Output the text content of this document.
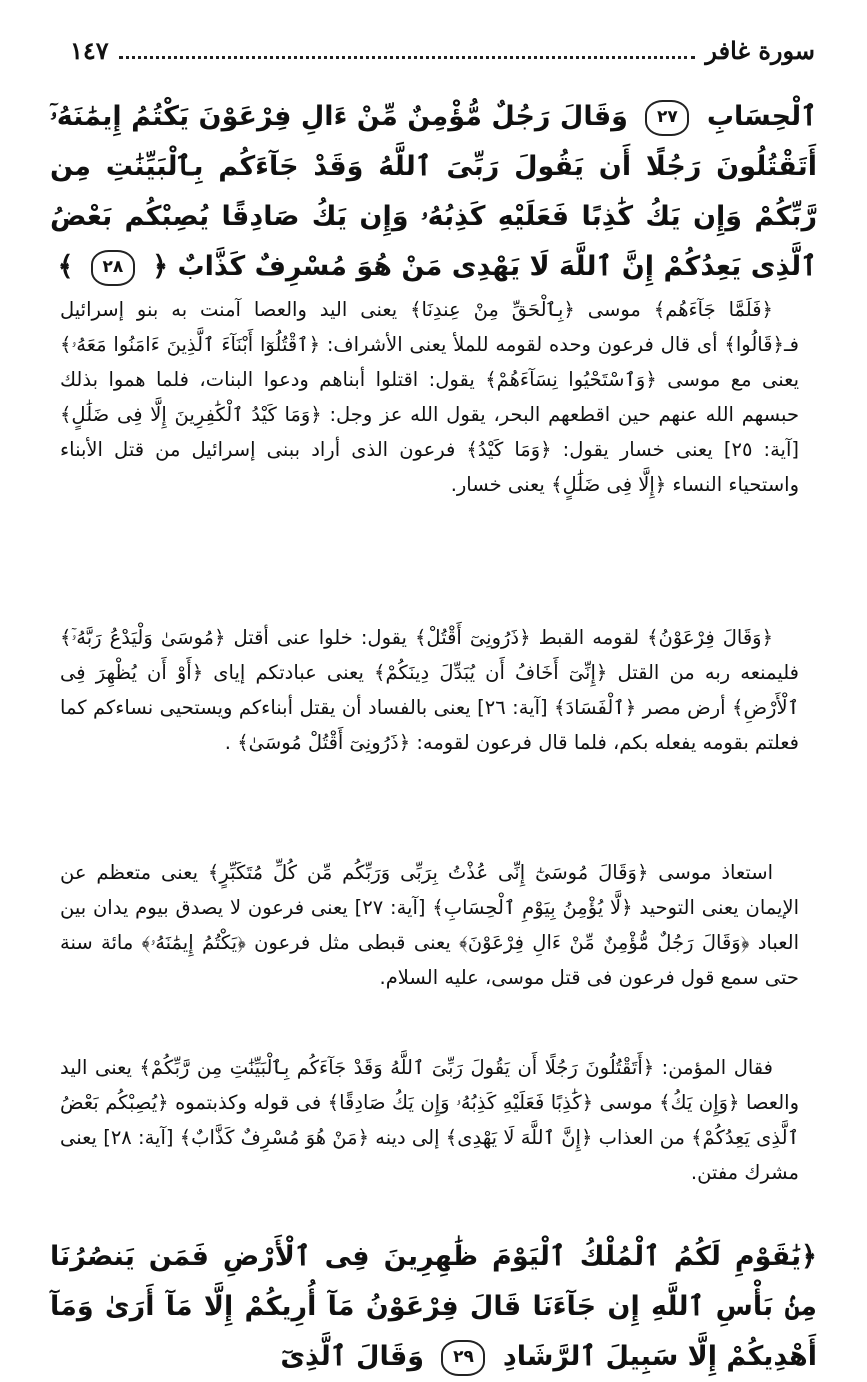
سورة غافر
١٤٧
ٱلْحِسَابِ ٢٧ وَقَالَ رَجُلٌ مُّؤْمِنٌ مِّنْ ءَالِ فِرْعَوْنَ يَكْتُمُ إِيمَٰنَهُۥٓ أَتَقْتُلُونَ رَجُلًا أَن يَقُولَ رَبِّىَ ٱللَّهُ وَقَدْ جَآءَكُم بِٱلْبَيِّنَٰتِ مِن رَّبِّكُمْ وَإِن يَكُ كَٰذِبًا فَعَلَيْهِ كَذِبُهُۥ وَإِن يَكُ صَادِقًا يُصِبْكُم بَعْضُ ٱلَّذِى يَعِدُكُمْ إِنَّ ٱللَّهَ لَا يَهْدِى مَنْ هُوَ مُسْرِفٌ كَذَّابٌ ﴿ ٢٨ ﴾
﴿فَلَمَّا جَآءَهُم﴾ موسى ﴿بِٱلْحَقِّ مِنْ عِندِنَا﴾ يعنى اليد والعصا آمنت به بنو إسرائيل فـ﴿قَالُوا﴾ أى قال فرعون وحده لقومه للملأ يعنى الأشراف: ﴿ٱقْتُلُوٓا أَبْنَآءَ ٱلَّذِينَ ءَامَنُوا مَعَهُۥ﴾ يعنى مع موسى ﴿وَٱسْتَحْيُوا نِسَآءَهُمْ﴾ يقول: اقتلوا أبناهم ودعوا البنات، فلما هموا بذلك حبسهم الله عنهم حين اقطعهم البحر، يقول الله عز وجل: ﴿وَمَا كَيْدُ ٱلْكَٰفِرِينَ إِلَّا فِى ضَلَٰلٍ﴾ [آية: ٢٥] يعنى خسار يقول: ﴿وَمَا كَيْدُ﴾ فرعون الذى أراد ببنى إسرائيل من قتل الأبناء واستحياء النساء ﴿إِلَّا فِى ضَلَٰلٍ﴾ يعنى خسار.
﴿وَقَالَ فِرْعَوْنُ﴾ لقومه القبط ﴿ذَرُونِىٓ أَقْتُلْ﴾ يقول: خلوا عنى أقتل ﴿مُوسَىٰ وَلْيَدْعُ رَبَّهُۥٓ﴾ فليمنعه ربه من القتل ﴿إِنِّىٓ أَخَافُ أَن يُبَدِّلَ دِينَكُمْ﴾ يعنى عبادتكم إياى ﴿أَوْ أَن يُظْهِرَ فِى ٱلْأَرْضِ﴾ أرض مصر ﴿ٱلْفَسَادَ﴾ [آية: ٢٦] يعنى بالفساد أن يقتل أبناءكم ويستحيى نساءكم كما فعلتم بقومه يفعله بكم، فلما قال فرعون لقومه: ﴿ذَرُونِىٓ أَقْتُلْ مُوسَىٰ﴾ .
استعاذ موسى ﴿وَقَالَ مُوسَىٰٓ إِنِّى عُذْتُ بِرَبِّى وَرَبِّكُم مِّن كُلِّ مُتَكَبِّرٍ﴾ يعنى متعظم عن الإيمان يعنى التوحيد ﴿لَّا يُؤْمِنُ بِيَوْمِ ٱلْحِسَابِ﴾ [آية: ٢٧] يعنى فرعون لا يصدق بيوم يدان بين العباد ﴿وَقَالَ رَجُلٌ مُّؤْمِنٌ مِّنْ ءَالِ فِرْعَوْنَ﴾ يعنى قبطى مثل فرعون ﴿يَكْتُمُ إِيمَٰنَهُۥ﴾ مائة سنة حتى سمع قول فرعون فى قتل موسى، عليه السلام.
فقال المؤمن: ﴿أَتَقْتُلُونَ رَجُلًا أَن يَقُولَ رَبِّىَ ٱللَّهُ وَقَدْ جَآءَكُم بِٱلْبَيِّنَٰتِ مِن رَّبِّكُمْ﴾ يعنى اليد والعصا ﴿وَإِن يَكُ﴾ موسى ﴿كَٰذِبًا فَعَلَيْهِ كَذِبُهُۥ وَإِن يَكُ صَادِقًا﴾ فى قوله وكذبتموه ﴿يُصِبْكُم بَعْضُ ٱلَّذِى يَعِدُكُمْ﴾ من العذاب ﴿إِنَّ ٱللَّهَ لَا يَهْدِى﴾ إلى دينه ﴿مَنْ هُوَ مُسْرِفٌ كَذَّابٌ﴾ [آية: ٢٨] يعنى مشرك مفتن.
﴿يَٰقَوْمِ لَكُمُ ٱلْمُلْكُ ٱلْيَوْمَ ظَٰهِرِينَ فِى ٱلْأَرْضِ فَمَن يَنصُرُنَا مِنۢ بَأْسِ ٱللَّهِ إِن جَآءَنَا قَالَ فِرْعَوْنُ مَآ أُرِيكُمْ إِلَّا مَآ أَرَىٰ وَمَآ أَهْدِيكُمْ إِلَّا سَبِيلَ ٱلرَّشَادِ ٢٩ وَقَالَ ٱلَّذِىٓ
